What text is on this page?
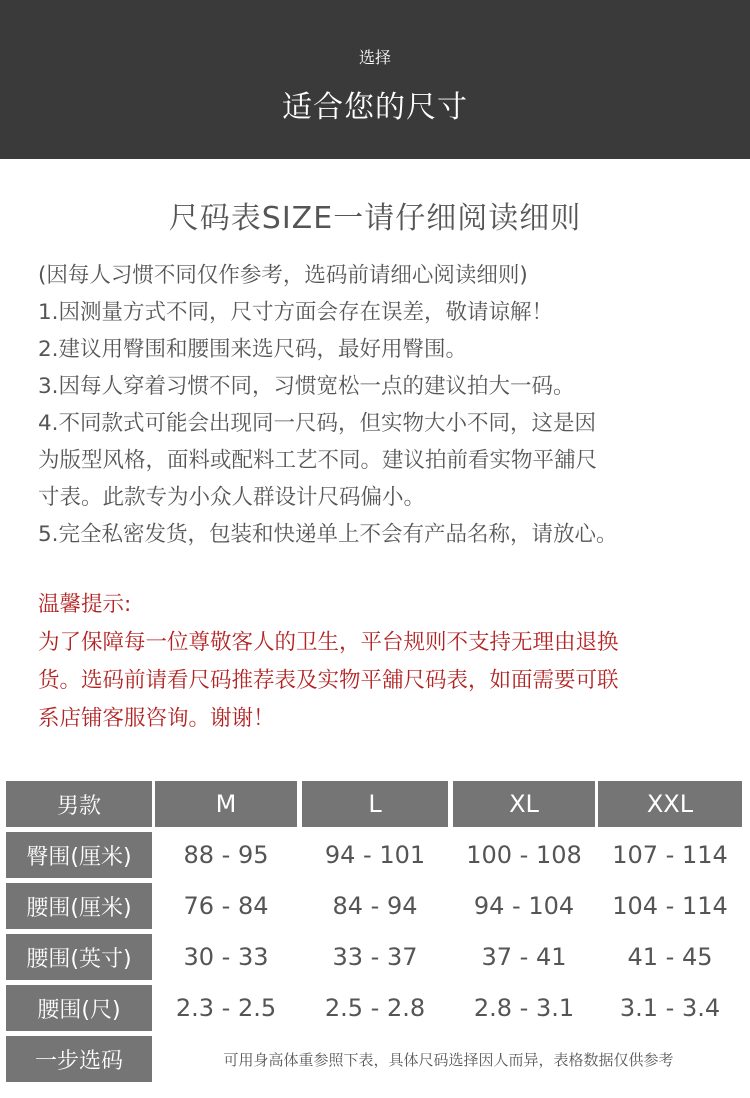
选择
适合您的尺寸
尺码表SIZE一请仔细阅读细则
(因每人习惯不同仅作参考，选码前请细心阅读细则)
1.因测量方式不同，尺寸方面会存在误差，敬请谅解！
2.建议用臀围和腰围来选尺码，最好用臀围。
3.因每人穿着习惯不同，习惯宽松一点的建议拍大一码。
4.不同款式可能会出现同一尺码，但实物大小不同，这是因
为版型风格，面料或配料工艺不同。建议拍前看实物平舖尺
寸表。此款专为小众人群设计尺码偏小。
5.完全私密发货，包装和快递单上不会有产品名称，请放心。
温馨提示:
为了保障每一位尊敬客人的卫生，平台规则不支持无理由退换
货。选码前请看尺码推荐表及实物平舖尺码表，如面需要可联
系店铺客服咨询。谢谢！
男款	M	L	XL	XXL
臀围(厘米)	88 - 95	94 - 101	100 - 108	107 - 114
腰围(厘米)	76 - 84	84 - 94	94 - 104	104 - 114
腰围(英寸)	30 - 33	33 - 37	37 - 41	41 - 45
腰围(尺)	2.3 - 2.5	2.5 - 2.8	2.8 - 3.1	3.1 - 3.4
一步选码	可用身高体重参照下表，具体尺码选择因人而异，表格数据仅供参考
